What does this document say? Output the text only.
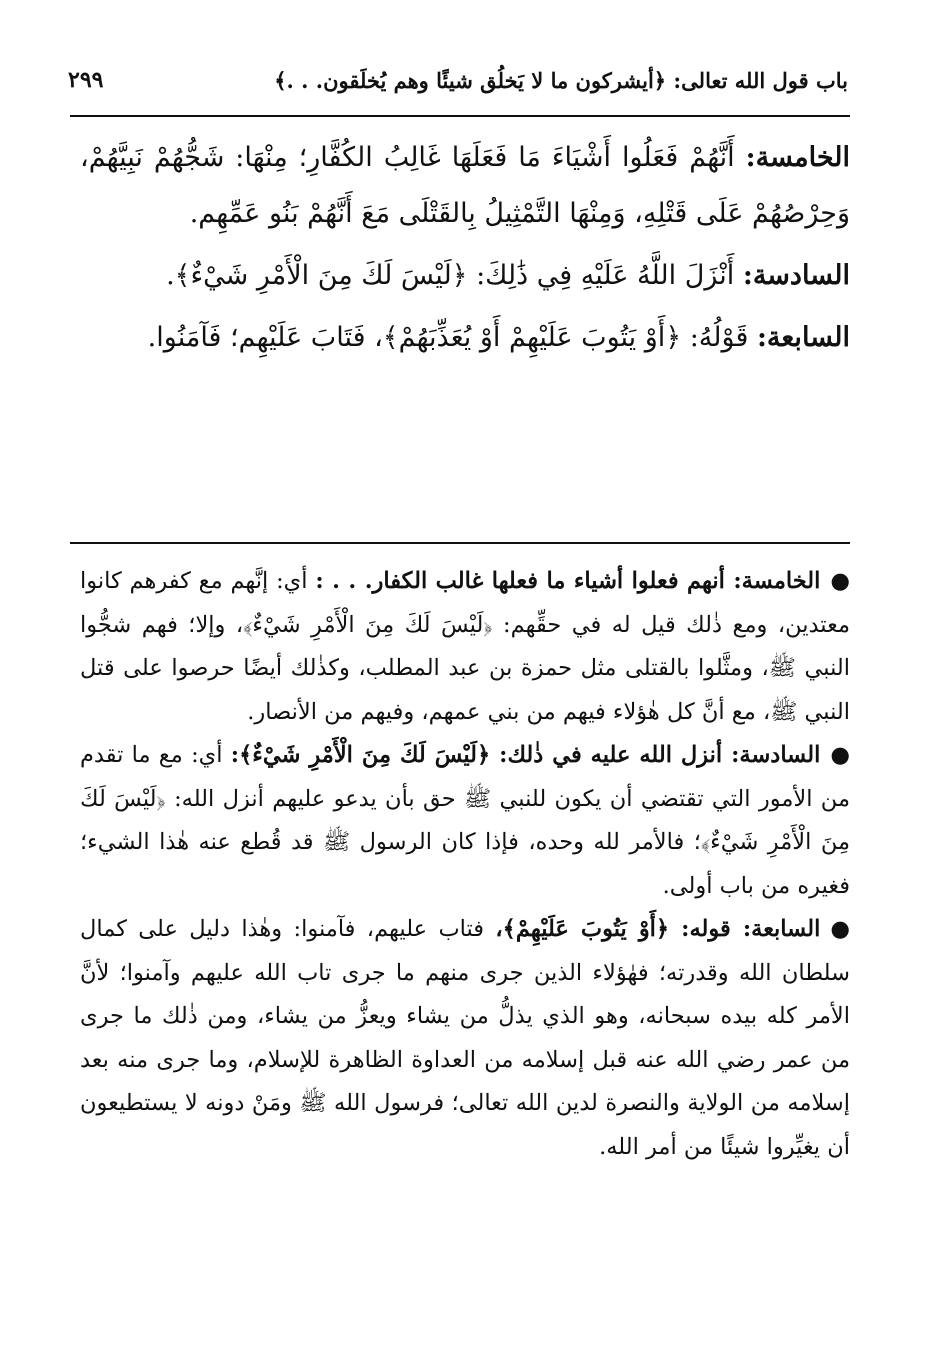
باب قول الله تعالى: ﴿أيشركون ما لا يَخلُق شيئًا وهم يُخلَقون. . .﴾
٢٩٩

الخامسة: أَنَّهُمْ فَعَلُوا أَشْيَاءَ مَا فَعَلَهَا غَالِبُ الكُفَّارِ؛ مِنْهَا: شَجُّهُمْ نَبِيَّهُمْ، وَحِرْصُهُمْ عَلَى قَتْلِهِ، وَمِنْهَا التَّمْثِيلُ بِالقَتْلَى مَعَ أَنَّهُمْ بَنُو عَمِّهِم.

السادسة: أَنْزَلَ اللَّهُ عَلَيْهِ فِي ذَٰلِكَ: ﴿لَيْسَ لَكَ مِنَ الْأَمْرِ شَيْءٌ﴾.

السابعة: قَوْلُهُ: ﴿أَوْ يَتُوبَ عَلَيْهِمْ أَوْ يُعَذِّبَهُمْ﴾، فَتَابَ عَلَيْهِم؛ فَآمَنُوا.

●الخامسة: أنهم فعلوا أشياء ما فعلها غالب الكفار. . . : أي: إنَّهم مع كفرهم كانوا معتدين، ومع ذٰلك قيل له في حقِّهم: ﴿لَيْسَ لَكَ مِنَ الْأَمْرِ شَيْءٌ﴾، وإلا؛ فهم شجُّوا النبي ﷺ، ومثَّلوا بالقتلى مثل حمزة بن عبد المطلب، وكذٰلك أيضًا حرصوا على قتل النبي ﷺ، مع أنَّ كل هٰؤلاء فيهم من بني عمهم، وفيهم من الأنصار.

●السادسة: أنزل الله عليه في ذٰلك: ﴿لَيْسَ لَكَ مِنَ الْأَمْرِ شَيْءٌ﴾: أي: مع ما تقدم من الأمور التي تقتضي أن يكون للنبي ﷺ حق بأن يدعو عليهم أنزل الله: ﴿لَيْسَ لَكَ مِنَ الْأَمْرِ شَيْءٌ﴾؛ فالأمر لله وحده، فإذا كان الرسول ﷺ قد قُطع عنه هٰذا الشيء؛ فغيره من باب أولى.

●السابعة: قوله: ﴿أَوْ يَتُوبَ عَلَيْهِمْ﴾، فتاب عليهم، فآمنوا: وهٰذا دليل على كمال سلطان الله وقدرته؛ فهٰؤلاء الذين جرى منهم ما جرى تاب الله عليهم وآمنوا؛ لأنَّ الأمر كله بيده سبحانه، وهو الذي يذلُّ من يشاء ويعزُّ من يشاء، ومن ذٰلك ما جرى من عمر رضي الله عنه قبل إسلامه من العداوة الظاهرة للإسلام، وما جرى منه بعد إسلامه من الولاية والنصرة لدين الله تعالى؛ فرسول الله ﷺ ومَنْ دونه لا يستطيعون أن يغيِّروا شيئًا من أمر الله.
